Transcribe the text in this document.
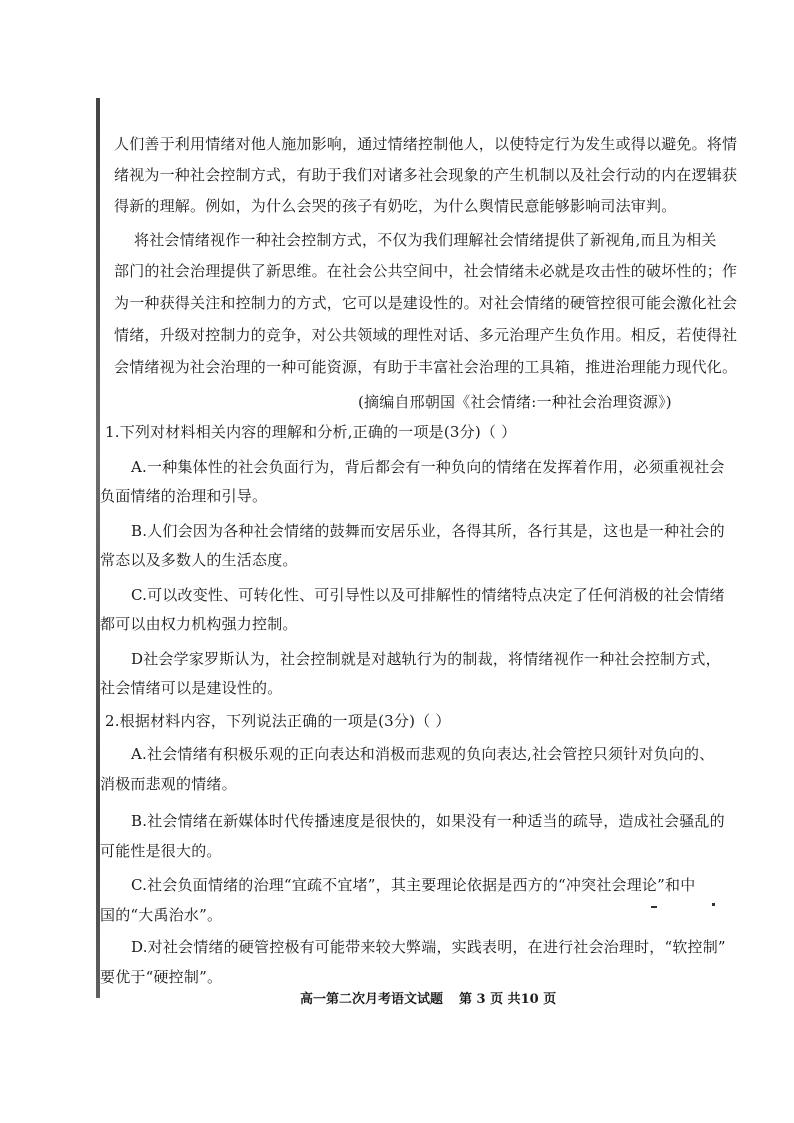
人们善于利用情绪对他人施加影响，通过情绪控制他人，以使特定行为发生或得以避免。将情
绪视为一种社会控制方式，有助于我们对诸多社会现象的产生机制以及社会行动的内在逻辑获
得新的理解。例如，为什么会哭的孩子有奶吃，为什么舆情民意能够影响司法审判。
将社会情绪视作一种社会控制方式，不仅为我们理解社会情绪提供了新视角,而且为相关
部门的社会治理提供了新思维。在社会公共空间中，社会情绪未必就是攻击性的破坏性的；作
为一种获得关注和控制力的方式，它可以是建设性的。对社会情绪的硬管控很可能会激化社会
情绪，升级对控制力的竞争，对公共领域的理性对话、多元治理产生负作用。相反，若使得社
会情绪视为社会治理的一种可能资源，有助于丰富社会治理的工具箱，推进治理能力现代化。
(摘编自邢朝国《社会情绪:一种社会治理资源》)
1.下列对材料相关内容的理解和分析,正确的一项是(3分)（ ）
A.一种集体性的社会负面行为，背后都会有一种负向的情绪在发挥着作用，必须重视社会
负面情绪的治理和引导。
B.人们会因为各种社会情绪的鼓舞而安居乐业，各得其所，各行其是，这也是一种社会的
常态以及多数人的生活态度。
C.可以改变性、可转化性、可引导性以及可排解性的情绪特点决定了任何消极的社会情绪
都可以由权力机构强力控制。
D社会学家罗斯认为，社会控制就是对越轨行为的制裁，将情绪视作一种社会控制方式，
社会情绪可以是建设性的。
2.根据材料内容，下列说法正确的一项是(3分)（ ）
A.社会情绪有积极乐观的正向表达和消极而悲观的负向表达,社会管控只须针对负向的、
消极而悲观的情绪。
B.社会情绪在新媒体时代传播速度是很快的，如果没有一种适当的疏导，造成社会骚乱的
可能性是很大的。
C.社会负面情绪的治理“宜疏不宜堵”，其主要理论依据是西方的“冲突社会理论”和中
国的“大禹治水”。
D.对社会情绪的硬管控极有可能带来较大弊端，实践表明，在进行社会治理时，“软控制”
要优于“硬控制”。
高一第二次月考语文试题 第 3 页 共10 页
